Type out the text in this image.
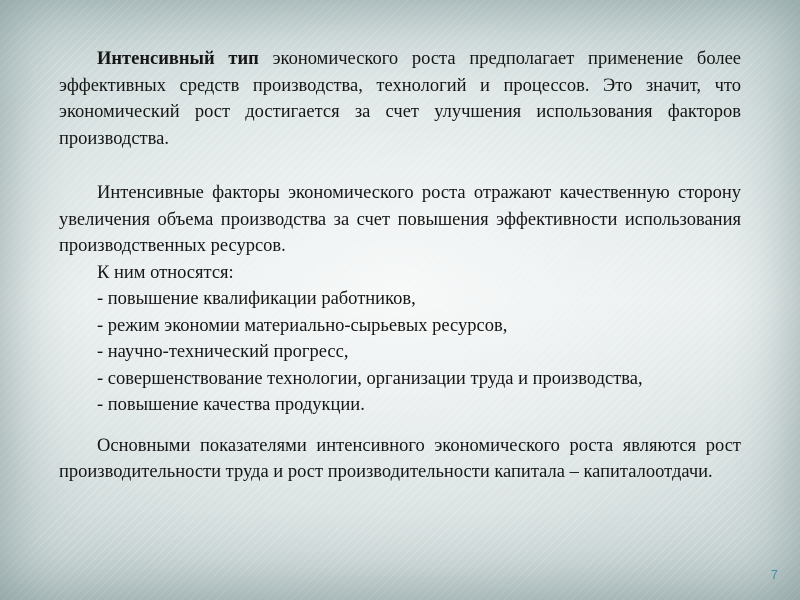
Интенсивный тип экономического роста предполагает применение более эффективных средств производства, технологий и процессов. Это значит, что экономический рост достигается за счет улучшения использования факторов производства.

Интенсивные факторы экономического роста отражают качественную сторону увеличения объема производства за счет повышения эффективности использования производственных ресурсов.

К ним относятся:

- повышение квалификации работников,

- режим экономии материально-сырьевых ресурсов,

- научно-технический прогресс,

- совершенствование технологии, организации труда и производства,

- повышение качества продукции.

Основными показателями интенсивного экономического роста являются рост производительности труда и рост производительности капитала – капиталоотдачи.

7
